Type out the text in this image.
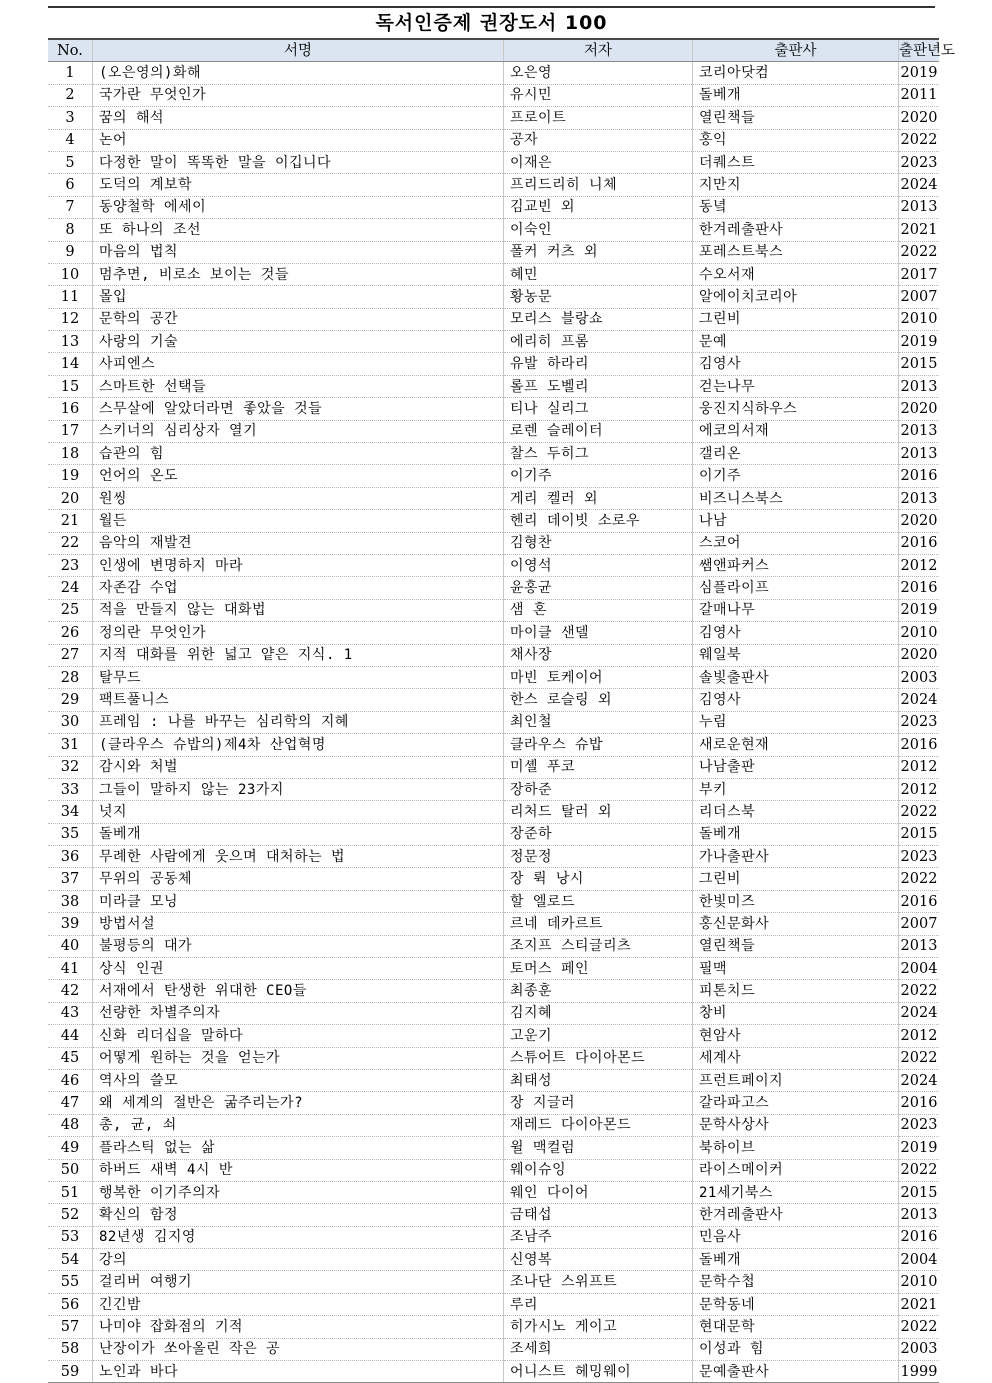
독서인증제 권장도서 100
No.	서명	저자	출판사	출판년도
1	(오은영의)화해	오은영	코리아닷컴	2019
2	국가란 무엇인가	유시민	돌베개	2011
3	꿈의 해석	프로이트	열린책들	2020
4	논어	공자	홍익	2022
5	다정한 말이 똑똑한 말을 이깁니다	이재은	더퀘스트	2023
6	도덕의 계보학	프리드리히 니체	지만지	2024
7	동양철학 에세이	김교빈 외	동녘	2013
8	또 하나의 조선	이숙인	한겨레출판사	2021
9	마음의 법칙	폴커 커츠 외	포레스트북스	2022
10	멈추면, 비로소 보이는 것들	혜민	수오서재	2017
11	몰입	황농문	알에이치코리아	2007
12	문학의 공간	모리스 블랑쇼	그린비	2010
13	사랑의 기술	에리히 프롬	문예	2019
14	사피엔스	유발 하라리	김영사	2015
15	스마트한 선택들	롤프 도벨리	걷는나무	2013
16	스무살에 알았더라면 좋았을 것들	티나 실리그	웅진지식하우스	2020
17	스키너의 심리상자 열기	로렌 슬레이터	에코의서재	2013
18	습관의 힘	찰스 두히그	갤리온	2013
19	언어의 온도	이기주	이기주	2016
20	원씽	게리 켈러 외	비즈니스북스	2013
21	월든	헨리 데이빗 소로우	나남	2020
22	음악의 재발견	김형찬	스코어	2016
23	인생에 변명하지 마라	이영석	쌤앤파커스	2012
24	자존감 수업	윤홍균	심플라이프	2016
25	적을 만들지 않는 대화법	샘 혼	갈매나무	2019
26	정의란 무엇인가	마이클 샌델	김영사	2010
27	지적 대화를 위한 넓고 얕은 지식. 1	채사장	웨일북	2020
28	탈무드	마빈 토케이어	솔빛출판사	2003
29	팩트풀니스	한스 로슬링 외	김영사	2024
30	프레임 : 나를 바꾸는 심리학의 지혜	최인철	누림	2023
31	(클라우스 슈밥의)제4차 산업혁명	클라우스 슈밥	새로운현재	2016
32	감시와 처벌	미셸 푸코	나남출판	2012
33	그들이 말하지 않는 23가지	장하준	부키	2012
34	넛지	리처드 탈러 외	리더스북	2022
35	돌베개	장준하	돌베개	2015
36	무례한 사람에게 웃으며 대처하는 법	정문정	가나출판사	2023
37	무위의 공동체	장 뤽 낭시	그린비	2022
38	미라클 모닝	할 엘로드	한빛미즈	2016
39	방법서설	르네 데카르트	홍신문화사	2007
40	불평등의 대가	조지프 스티글리츠	열린책들	2013
41	상식 인권	토머스 페인	필맥	2004
42	서재에서 탄생한 위대한 CEO들	최종훈	피톤치드	2022
43	선량한 차별주의자	김지혜	창비	2024
44	신화 리더십을 말하다	고운기	현암사	2012
45	어떻게 원하는 것을 얻는가	스튜어트 다이아몬드	세계사	2022
46	역사의 쓸모	최태성	프런트페이지	2024
47	왜 세계의 절반은 굶주리는가?	장 지글러	갈라파고스	2016
48	총, 균, 쇠	재레드 다이아몬드	문학사상사	2023
49	플라스틱 없는 삶	윌 맥컬럼	북하이브	2019
50	하버드 새벽 4시 반	웨이슈잉	라이스메이커	2022
51	행복한 이기주의자	웨인 다이어	21세기북스	2015
52	확신의 함정	금태섭	한겨레출판사	2013
53	82년생 김지영	조남주	민음사	2016
54	강의	신영복	돌베개	2004
55	걸리버 여행기	조나단 스위프트	문학수첩	2010
56	긴긴밤	루리	문학동네	2021
57	나미야 잡화점의 기적	히가시노 게이고	현대문학	2022
58	난장이가 쏘아올린 작은 공	조세희	이성과 힘	2003
59	노인과 바다	어니스트 헤밍웨이	문예출판사	1999
